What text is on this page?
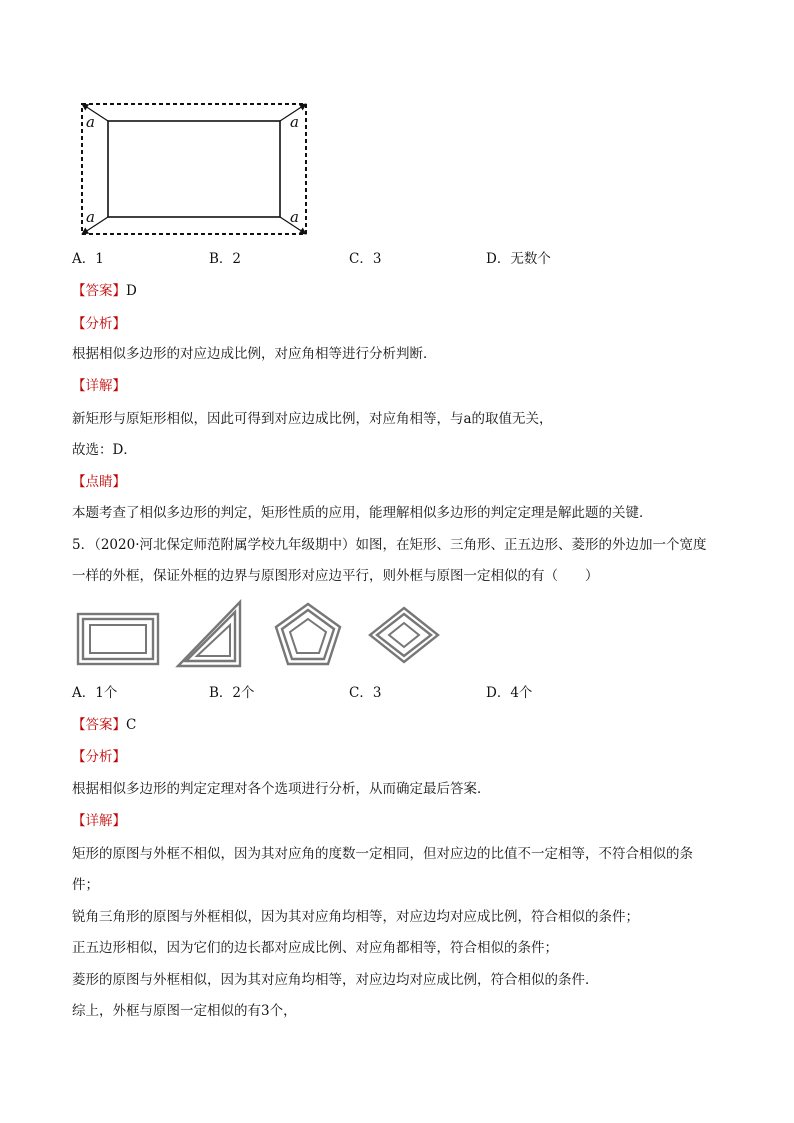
a	a
a	a
A．1	B．2	C．3	D．无数个
【答案】D
【分析】
根据相似多边形的对应边成比例，对应角相等进行分析判断．
【详解】
新矩形与原矩形相似，因此可得到对应边成比例，对应角相等，与a的取值无关，
故选：D．
【点睛】
本题考查了相似多边形的判定，矩形性质的应用，能理解相似多边形的判定定理是解此题的关键．
5．（2020·河北保定师范附属学校九年级期中）如图，在矩形、三角形、正五边形、菱形的外边加一个宽度
一样的外框，保证外框的边界与原图形对应边平行，则外框与原图一定相似的有（　　）
A．1个	B．2个	C．3	D．4个
【答案】C
【分析】
根据相似多边形的判定定理对各个选项进行分析，从而确定最后答案．
【详解】
矩形的原图与外框不相似，因为其对应角的度数一定相同，但对应边的比值不一定相等，不符合相似的条
件；
锐角三角形的原图与外框相似，因为其对应角均相等，对应边均对应成比例，符合相似的条件；
正五边形相似，因为它们的边长都对应成比例、对应角都相等，符合相似的条件；
菱形的原图与外框相似，因为其对应角均相等，对应边均对应成比例，符合相似的条件．
综上，外框与原图一定相似的有3个，
